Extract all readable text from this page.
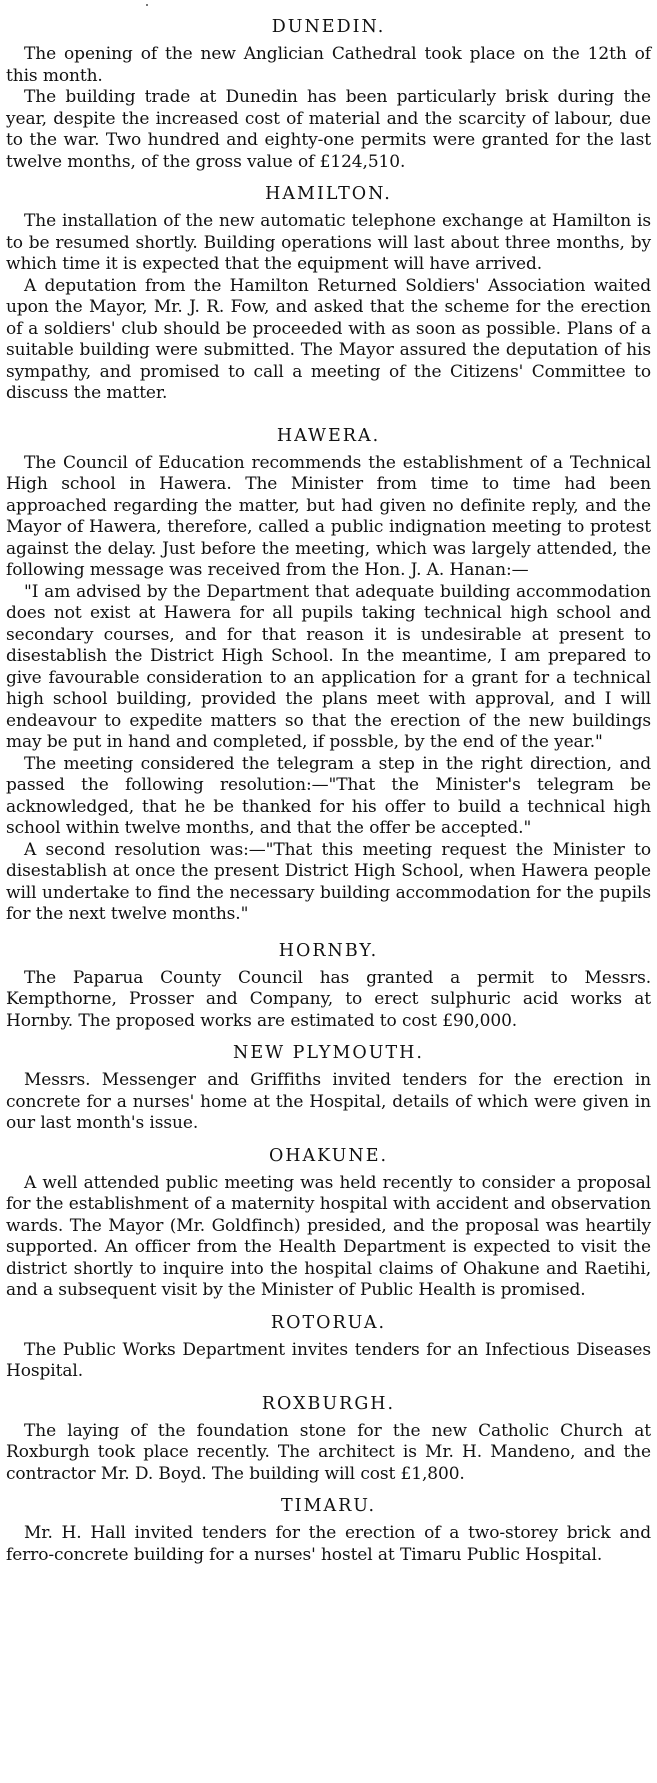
DUNEDIN.

The opening of the new Anglician Cathedral took place on the 12th of this month.

The building trade at Dunedin has been particularly brisk during the year, despite the increased cost of material and the scarcity of labour, due to the war. Two hundred and eighty-one permits were granted for the last twelve months, of the gross value of £124,510.

HAMILTON.

The installation of the new automatic telephone exchange at Hamilton is to be resumed shortly. Building operations will last about three months, by which time it is expected that the equipment will have arrived.

A deputation from the Hamilton Returned Soldiers' Association waited upon the Mayor, Mr. J. R. Fow, and asked that the scheme for the erection of a soldiers' club should be proceeded with as soon as possible. Plans of a suitable building were submitted. The Mayor assured the deputation of his sympathy, and promised to call a meeting of the Citizens' Committee to discuss the matter.

HAWERA.

The Council of Education recommends the establishment of a Technical High school in Hawera. The Minister from time to time had been approached regarding the matter, but had given no definite reply, and the Mayor of Hawera, therefore, called a public indignation meeting to protest against the delay. Just before the meeting, which was largely attended, the following message was received from the Hon. J. A. Hanan:—

"I am advised by the Department that adequate building accommodation does not exist at Hawera for all pupils taking technical high school and secondary courses, and for that reason it is undesirable at present to disestablish the District High School. In the meantime, I am prepared to give favourable consideration to an application for a grant for a technical high school building, provided the plans meet with approval, and I will endeavour to expedite matters so that the erection of the new buildings may be put in hand and completed, if possble, by the end of the year."

The meeting considered the telegram a step in the right direction, and passed the following resolution:—"That the Minister's telegram be acknowledged, that he be thanked for his offer to build a technical high school within twelve months, and that the offer be accepted."

A second resolution was:—"That this meeting request the Minister to disestablish at once the present District High School, when Hawera people will undertake to find the necessary building accommodation for the pupils for the next twelve months."

HORNBY.

The Paparua County Council has granted a permit to Messrs. Kempthorne, Prosser and Company, to erect sulphuric acid works at Hornby. The proposed works are estimated to cost £90,000.

NEW PLYMOUTH.

Messrs. Messenger and Griffiths invited tenders for the erection in concrete for a nurses' home at the Hospital, details of which were given in our last month's issue.

OHAKUNE.

A well attended public meeting was held recently to consider a proposal for the establishment of a maternity hospital with accident and observation wards. The Mayor (Mr. Goldfinch) presided, and the proposal was heartily supported. An officer from the Health Department is expected to visit the district shortly to inquire into the hospital claims of Ohakune and Raetihi, and a subsequent visit by the Minister of Public Health is promised.

ROTORUA.

The Public Works Department invites tenders for an Infectious Diseases Hospital.

ROXBURGH.

The laying of the foundation stone for the new Catholic Church at Roxburgh took place recently. The architect is Mr. H. Mandeno, and the contractor Mr. D. Boyd. The building will cost £1,800.

TIMARU.

Mr. H. Hall invited tenders for the erection of a two-storey brick and ferro-concrete building for a nurses' hostel at Timaru Public Hospital.
